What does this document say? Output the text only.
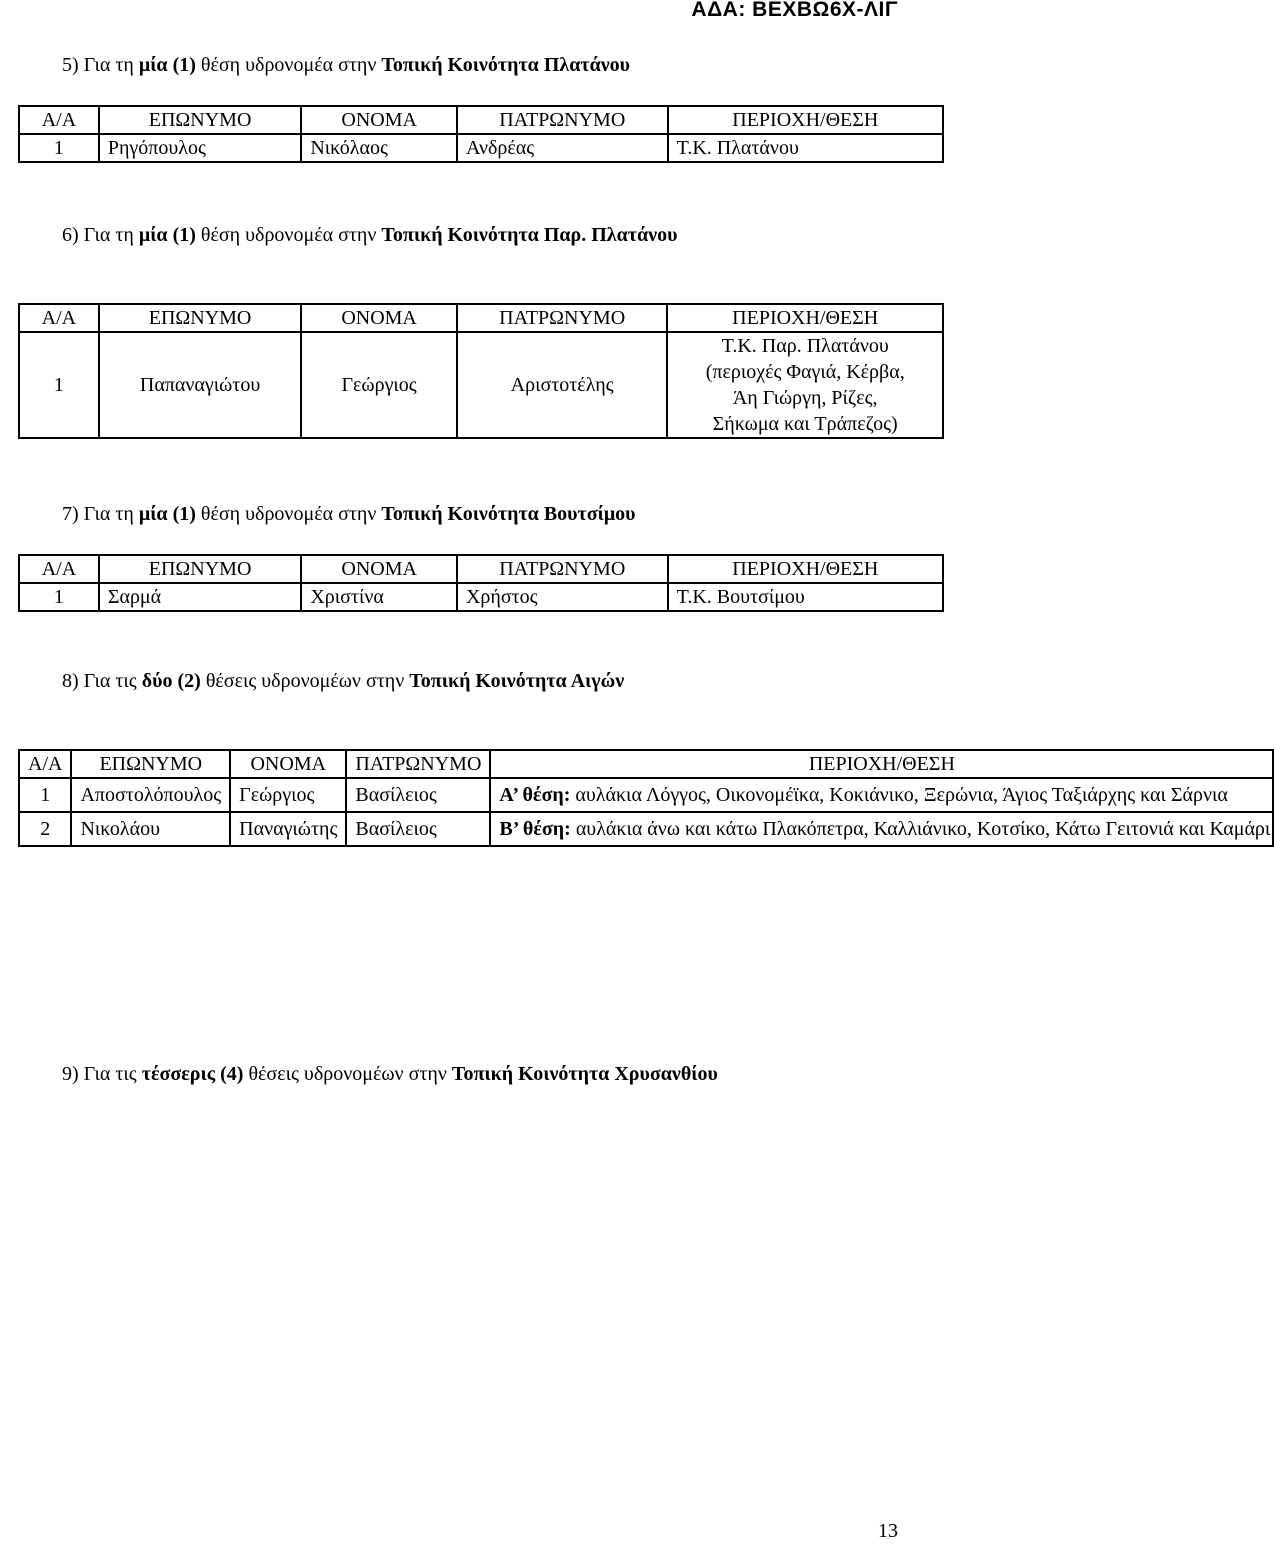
ΑΔΑ: ΒΕΧΒΩ6Χ-ΛΙΓ
5) Για τη μία (1) θέση υδρονομέα στην Τοπική Κοινότητα Πλατάνου
Α/Α	ΕΠΩΝΥΜΟ	ΟΝΟΜΑ	ΠΑΤΡΩΝΥΜΟ	ΠΕΡΙΟΧΗ/ΘΕΣΗ
1	Ρηγόπουλος	Νικόλαος	Ανδρέας	Τ.Κ. Πλατάνου
6) Για τη μία (1) θέση υδρονομέα στην Τοπική Κοινότητα Παρ. Πλατάνου
Α/Α	ΕΠΩΝΥΜΟ	ΟΝΟΜΑ	ΠΑΤΡΩΝΥΜΟ	ΠΕΡΙΟΧΗ/ΘΕΣΗ
1	Παπαναγιώτου	Γεώργιος	Αριστοτέλης	Τ.Κ. Παρ. Πλατάνου
(περιοχές Φαγιά, Κέρβα,
Άη Γιώργη, Ρίζες,
Σήκωμα και Τράπεζος)
7) Για τη μία (1) θέση υδρονομέα στην Τοπική Κοινότητα Βουτσίμου
Α/Α	ΕΠΩΝΥΜΟ	ΟΝΟΜΑ	ΠΑΤΡΩΝΥΜΟ	ΠΕΡΙΟΧΗ/ΘΕΣΗ
1	Σαρμά	Χριστίνα	Χρήστος	Τ.Κ. Βουτσίμου
8) Για τις δύο (2) θέσεις υδρονομέων στην Τοπική Κοινότητα Αιγών
Α/Α	ΕΠΩΝΥΜΟ	ΟΝΟΜΑ	ΠΑΤΡΩΝΥΜΟ	ΠΕΡΙΟΧΗ/ΘΕΣΗ
1	Αποστολόπουλος	Γεώργιος	Βασίλειος	Α’ θέση: αυλάκια Λόγγος, Οικονομέϊκα, Κοκιάνικο, Ξερώνια, Άγιος Ταξιάρχης και Σάρνια
2	Νικολάου	Παναγιώτης	Βασίλειος	Β’ θέση: αυλάκια άνω και κάτω Πλακόπετρα, Καλλιάνικο, Κοτσίκο, Κάτω Γειτονιά και Καμάρι
9) Για τις τέσσερις (4) θέσεις υδρονομέων στην Τοπική Κοινότητα Χρυσανθίου
13
